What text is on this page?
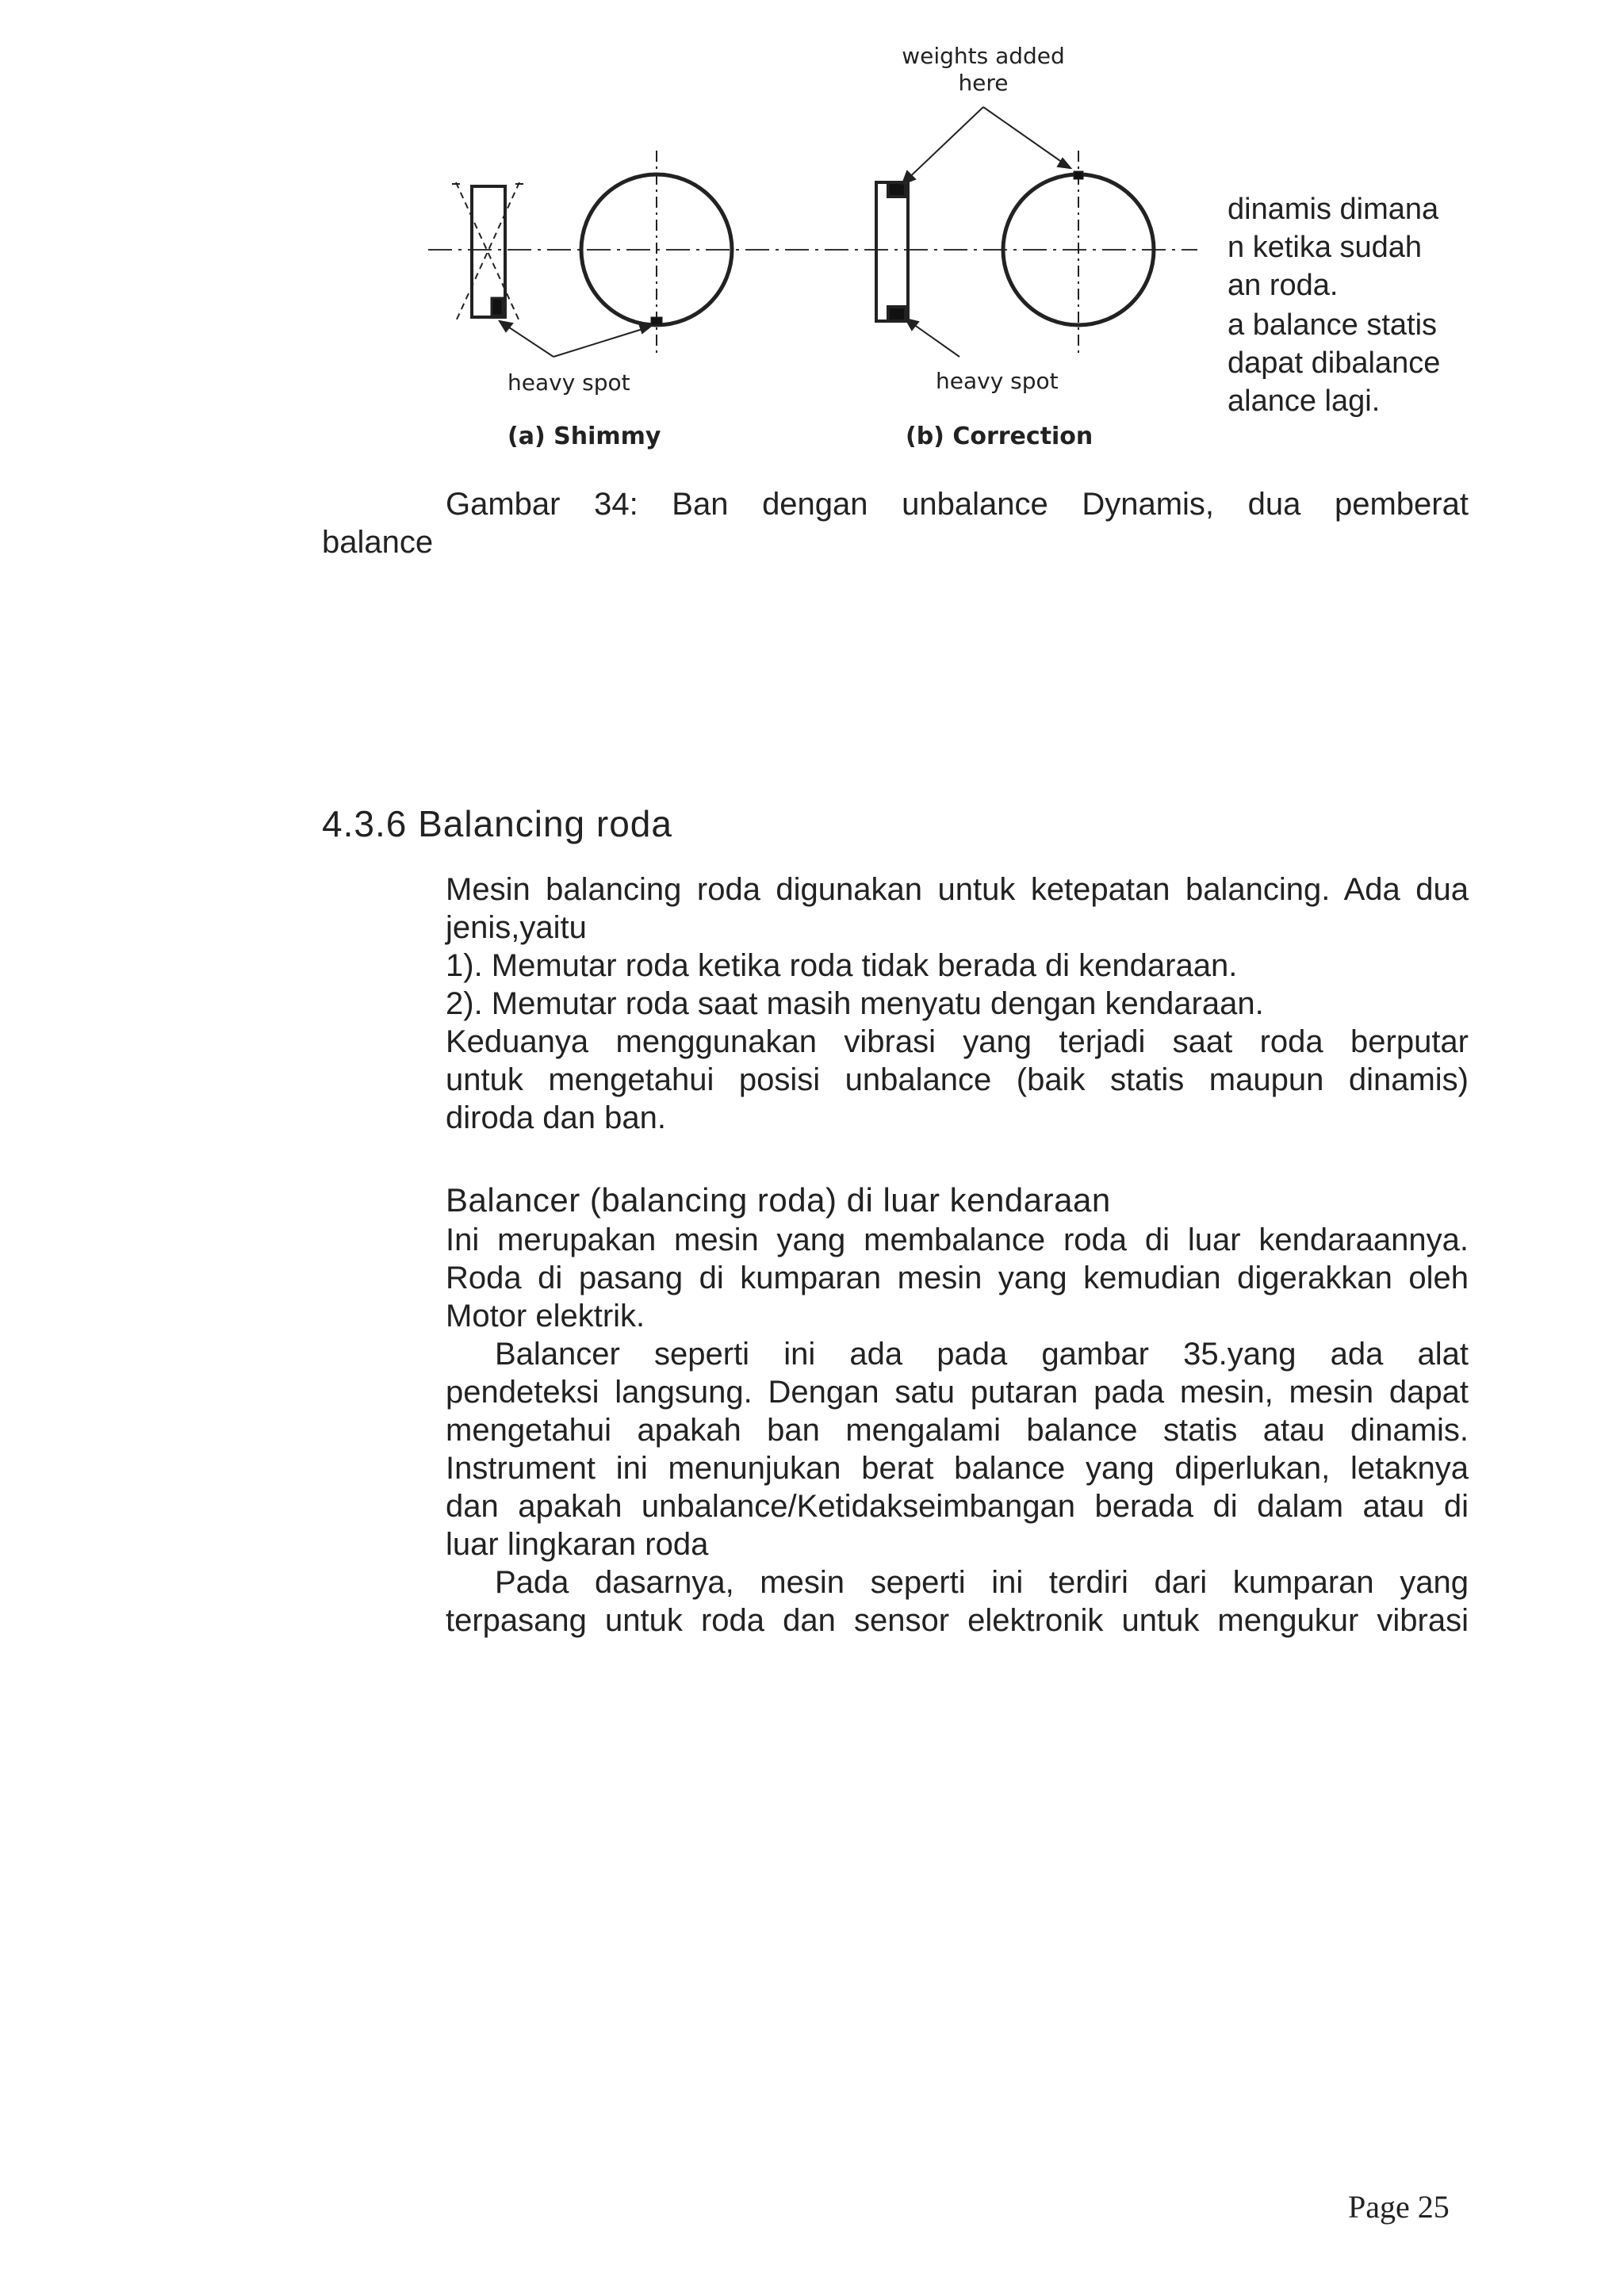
heavy spot
(a) Shimmy
weights added
here
heavy spot
(b) Correction
dinamis dimana
n ketika sudah
an roda.
a balance statis
dapat dibalance
alance lagi.
Gambar 34: Ban dengan unbalance Dynamis, dua pemberat
balance
4.3.6 Balancing roda
Mesin balancing roda digunakan untuk ketepatan balancing. Ada dua
jenis,yaitu
1). Memutar roda ketika roda tidak berada di kendaraan.
2). Memutar roda saat masih menyatu dengan kendaraan.
Keduanya menggunakan vibrasi yang terjadi saat roda berputar
untuk mengetahui posisi unbalance (baik statis maupun dinamis)
diroda dan ban.
Balancer (balancing roda) di luar kendaraan
Ini merupakan mesin yang membalance roda di luar kendaraannya.
Roda di pasang di kumparan mesin yang kemudian digerakkan oleh
Motor elektrik.
Balancer seperti ini ada pada gambar 35.yang ada alat
pendeteksi langsung. Dengan satu putaran pada mesin, mesin dapat
mengetahui apakah ban mengalami balance statis atau dinamis.
Instrument ini menunjukan berat balance yang diperlukan, letaknya
dan apakah unbalance/Ketidakseimbangan berada di dalam atau di
luar lingkaran roda
Pada dasarnya, mesin seperti ini terdiri dari kumparan yang
terpasang untuk roda dan sensor elektronik untuk mengukur vibrasi
Page 25
